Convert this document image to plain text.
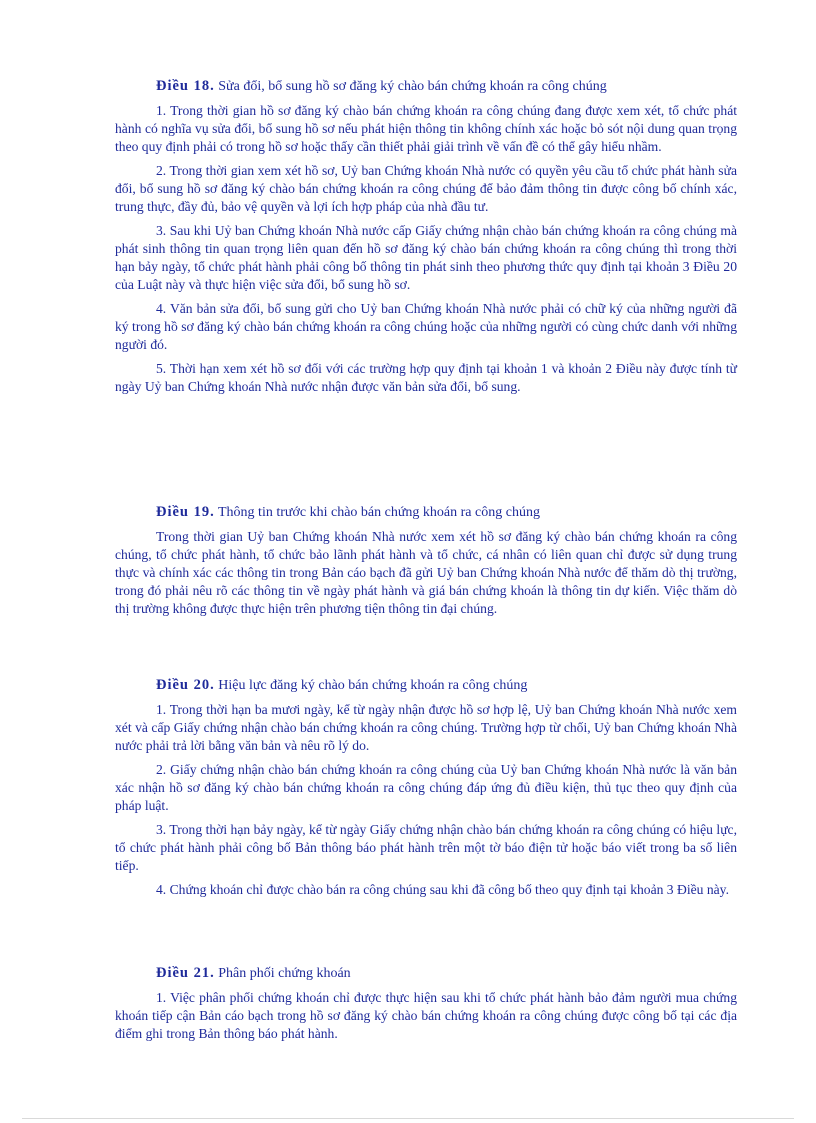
Điều 18. Sửa đổi, bổ sung hồ sơ đăng ký chào bán chứng khoán ra công chúng

1. Trong thời gian hồ sơ đăng ký chào bán chứng khoán ra công chúng đang được xem xét, tổ chức phát hành có nghĩa vụ sửa đổi, bổ sung hồ sơ nếu phát hiện thông tin không chính xác hoặc bỏ sót nội dung quan trọng theo quy định phải có trong hồ sơ hoặc thấy cần thiết phải giải trình về vấn đề có thể gây hiểu nhầm.

2. Trong thời gian xem xét hồ sơ, Uỷ ban Chứng khoán Nhà nước có quyền yêu cầu tổ chức phát hành sửa đổi, bổ sung hồ sơ đăng ký chào bán chứng khoán ra công chúng để bảo đảm thông tin được công bố chính xác, trung thực, đầy đủ, bảo vệ quyền và lợi ích hợp pháp của nhà đầu tư.

3. Sau khi Uỷ ban Chứng khoán Nhà nước cấp Giấy chứng nhận chào bán chứng khoán ra công chúng mà phát sinh thông tin quan trọng liên quan đến hồ sơ đăng ký chào bán chứng khoán ra công chúng thì trong thời hạn bảy ngày, tổ chức phát hành phải công bố thông tin phát sinh theo phương thức quy định tại khoản 3 Điều 20 của Luật này và thực hiện việc sửa đổi, bổ sung hồ sơ.

4. Văn bản sửa đổi, bổ sung gửi cho Uỷ ban Chứng khoán Nhà nước phải có chữ ký của những người đã ký trong hồ sơ đăng ký chào bán chứng khoán ra công chúng hoặc của những người có cùng chức danh với những người đó.

5. Thời hạn xem xét hồ sơ đối với các trường hợp quy định tại khoản 1 và khoản 2 Điều này được tính từ ngày Uỷ ban Chứng khoán Nhà nước nhận được văn bản sửa đổi, bổ sung.

Điều 19. Thông tin trước khi chào bán chứng khoán ra công chúng

Trong thời gian Uỷ ban Chứng khoán Nhà nước xem xét hồ sơ đăng ký chào bán chứng khoán ra công chúng, tổ chức phát hành, tổ chức bảo lãnh phát hành và tổ chức, cá nhân có liên quan chỉ được sử dụng trung thực và chính xác các thông tin trong Bản cáo bạch đã gửi Uỷ ban Chứng khoán Nhà nước để thăm dò thị trường, trong đó phải nêu rõ các thông tin về ngày phát hành và giá bán chứng khoán là thông tin dự kiến. Việc thăm dò thị trường không được thực hiện trên phương tiện thông tin đại chúng.

Điều 20. Hiệu lực đăng ký chào bán chứng khoán ra công chúng

1. Trong thời hạn ba mươi ngày, kể từ ngày nhận được hồ sơ hợp lệ, Uỷ ban Chứng khoán Nhà nước xem xét và cấp Giấy chứng nhận chào bán chứng khoán ra công chúng. Trường hợp từ chối, Uỷ ban Chứng khoán Nhà nước phải trả lời bằng văn bản và nêu rõ lý do.

2. Giấy chứng nhận chào bán chứng khoán ra công chúng của Uỷ ban Chứng khoán Nhà nước là văn bản xác nhận hồ sơ đăng ký chào bán chứng khoán ra công chúng đáp ứng đủ điều kiện, thủ tục theo quy định của pháp luật.

3. Trong thời hạn bảy ngày, kể từ ngày Giấy chứng nhận chào bán chứng khoán ra công chúng có hiệu lực, tổ chức phát hành phải công bố Bản thông báo phát hành trên một tờ báo điện tử hoặc báo viết trong ba số liên tiếp.

4. Chứng khoán chỉ được chào bán ra công chúng sau khi đã công bố theo quy định tại khoản 3 Điều này.

Điều 21. Phân phối chứng khoán

1. Việc phân phối chứng khoán chỉ được thực hiện sau khi tổ chức phát hành bảo đảm người mua chứng khoán tiếp cận Bản cáo bạch trong hồ sơ đăng ký chào bán chứng khoán ra công chúng được công bố tại các địa điểm ghi trong Bản thông báo phát hành.
